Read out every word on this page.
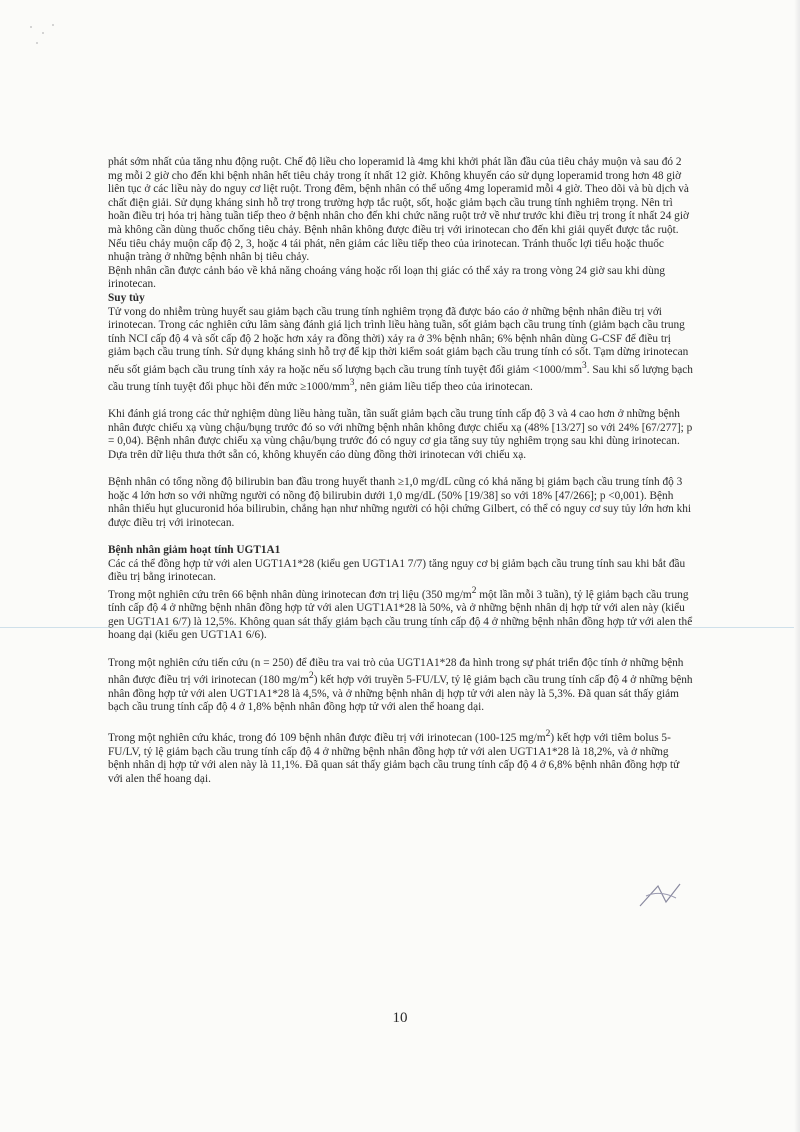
phát sớm nhất của tăng nhu động ruột. Chế độ liều cho loperamid là 4mg khi khởi phát lần đầu của tiêu chảy muộn và sau đó 2 mg mỗi 2 giờ cho đến khi bệnh nhân hết tiêu chảy trong ít nhất 12 giờ. Không khuyến cáo sử dụng loperamid trong hơn 48 giờ liên tục ở các liều này do nguy cơ liệt ruột. Trong đêm, bệnh nhân có thể uống 4mg loperamid mỗi 4 giờ. Theo dõi và bù dịch và chất điện giải. Sử dụng kháng sinh hỗ trợ trong trường hợp tắc ruột, sốt, hoặc giảm bạch cầu trung tính nghiêm trọng. Nên trì hoãn điều trị hóa trị hàng tuần tiếp theo ở bệnh nhân cho đến khi chức năng ruột trở về như trước khi điều trị trong ít nhất 24 giờ mà không cần dùng thuốc chống tiêu chảy. Bệnh nhân không được điều trị với irinotecan cho đến khi giải quyết được tắc ruột. Nếu tiêu chảy muộn cấp độ 2, 3, hoặc 4 tái phát, nên giảm các liều tiếp theo của irinotecan. Tránh thuốc lợi tiểu hoặc thuốc nhuận tràng ở những bệnh nhân bị tiêu chảy.

Bệnh nhân cần được cảnh báo về khả năng choáng váng hoặc rối loạn thị giác có thể xảy ra trong vòng 24 giờ sau khi dùng irinotecan.

Suy tủy

Tử vong do nhiễm trùng huyết sau giảm bạch cầu trung tính nghiêm trọng đã được báo cáo ở những bệnh nhân điều trị với irinotecan. Trong các nghiên cứu lâm sàng đánh giá lịch trình liều hàng tuần, sốt giảm bạch cầu trung tính (giảm bạch cầu trung tính NCI cấp độ 4 và sốt cấp độ 2 hoặc hơn xảy ra đồng thời) xảy ra ở 3% bệnh nhân; 6% bệnh nhân dùng G-CSF để điều trị giảm bạch cầu trung tính. Sử dụng kháng sinh hỗ trợ để kịp thời kiểm soát giảm bạch cầu trung tính có sốt. Tạm dừng irinotecan nếu sốt giảm bạch cầu trung tính xảy ra hoặc nếu số lượng bạch cầu trung tính tuyệt đối giảm $<1000/mm^3$. Sau khi số lượng bạch cầu trung tính tuyệt đối phục hồi đến mức $\ge 1000/mm^3$, nên giảm liều tiếp theo của irinotecan.

Khi đánh giá trong các thử nghiệm dùng liều hàng tuần, tần suất giảm bạch cầu trung tính cấp độ 3 và 4 cao hơn ở những bệnh nhân được chiếu xạ vùng chậu/bụng trước đó so với những bệnh nhân không được chiếu xạ (48% [13/27] so với 24% [67/277]; p = 0,04). Bệnh nhân được chiếu xạ vùng chậu/bụng trước đó có nguy cơ gia tăng suy tủy nghiêm trọng sau khi dùng irinotecan. Dựa trên dữ liệu thưa thớt sẵn có, không khuyến cáo dùng đồng thời irinotecan với chiếu xạ.

Bệnh nhân có tổng nồng độ bilirubin ban đầu trong huyết thanh ≥1,0 mg/dL cũng có khả năng bị giảm bạch cầu trung tính độ 3 hoặc 4 lớn hơn so với những người có nồng độ bilirubin dưới 1,0 mg/dL (50% [19/38] so với 18% [47/266]; p <0,001). Bệnh nhân thiếu hụt glucuronid hóa bilirubin, chẳng hạn như những người có hội chứng Gilbert, có thể có nguy cơ suy tủy lớn hơn khi được điều trị với irinotecan.

Bệnh nhân giảm hoạt tính UGT1A1

Các cá thể đồng hợp tử với alen UGT1A1*28 (kiểu gen UGT1A1 7/7) tăng nguy cơ bị giảm bạch cầu trung tính sau khi bắt đầu điều trị bằng irinotecan.

Trong một nghiên cứu trên 66 bệnh nhân dùng irinotecan đơn trị liệu (350 $mg/m^2$ một lần mỗi 3 tuần), tỷ lệ giảm bạch cầu trung tính cấp độ 4 ở những bệnh nhân đồng hợp tử với alen UGT1A1*28 là 50%, và ở những bệnh nhân dị hợp tử với alen này (kiểu gen UGT1A1 6/7) là 12,5%. Không quan sát thấy giảm bạch cầu trung tính cấp độ 4 ở những bệnh nhân đồng hợp tử với alen thể hoang dại (kiểu gen UGT1A1 6/6).

Trong một nghiên cứu tiến cứu (n = 250) để điều tra vai trò của UGT1A1*28 đa hình trong sự phát triển độc tính ở những bệnh nhân được điều trị với irinotecan (180 $mg/m^2$) kết hợp với truyền 5-FU/LV, tỷ lệ giảm bạch cầu trung tính cấp độ 4 ở những bệnh nhân đồng hợp tử với alen UGT1A1*28 là 4,5%, và ở những bệnh nhân dị hợp tử với alen này là 5,3%. Đã quan sát thấy giảm bạch cầu trung tính cấp độ 4 ở 1,8% bệnh nhân đồng hợp tử với alen thể hoang dại.

Trong một nghiên cứu khác, trong đó 109 bệnh nhân được điều trị với irinotecan (100-125 $mg/m^2$) kết hợp với tiêm bolus 5-FU/LV, tỷ lệ giảm bạch cầu trung tính cấp độ 4 ở những bệnh nhân đồng hợp tử với alen UGT1A1*28 là 18,2%, và ở những bệnh nhân dị hợp tử với alen này là 11,1%. Đã quan sát thấy giảm bạch cầu trung tính cấp độ 4 ở 6,8% bệnh nhân đồng hợp tử với alen thể hoang dại.

10
